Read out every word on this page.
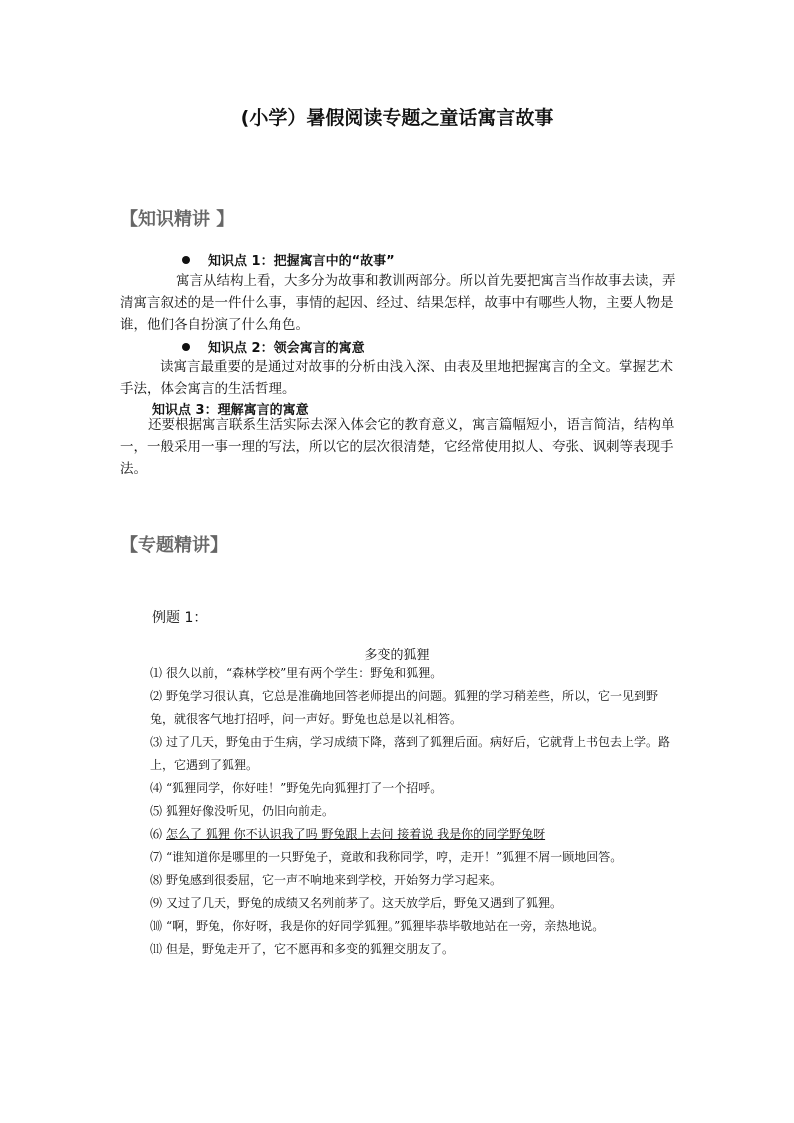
(小学）暑假阅读专题之童话寓言故事
【知识精讲 】
知识点 1：把握寓言中的“故事”
寓言从结构上看，大多分为故事和教训两部分。所以首先要把寓言当作故事去读，弄清寓言叙述的是一件什么事，事情的起因、经过、结果怎样，故事中有哪些人物，主要人物是谁，他们各自扮演了什么角色。
知识点 2：领会寓言的寓意
读寓言最重要的是通过对故事的分析由浅入深、由表及里地把握寓言的全文。掌握艺术手法，体会寓言的生活哲理。
知识点 3：理解寓言的寓意
还要根据寓言联系生活实际去深入体会它的教育意义，寓言篇幅短小，语言简洁，结构单一，一般采用一事一理的写法，所以它的层次很清楚，它经常使用拟人、夸张、讽刺等表现手法。
【专题精讲】
例题 1：
多变的狐狸

⑴ 很久以前，“森林学校”里有两个学生：野兔和狐狸。

⑵ 野兔学习很认真，它总是准确地回答老师提出的问题。狐狸的学习稍差些，所以，它一见到野兔，就很客气地打招呼，问一声好。野兔也总是以礼相答。

⑶ 过了几天，野兔由于生病，学习成绩下降，落到了狐狸后面。病好后，它就背上书包去上学。路上，它遇到了狐狸。

⑷ “狐狸同学，你好哇！”野兔先向狐狸打了一个招呼。

⑸ 狐狸好像没听见，仍旧向前走。

⑹ 怎么了 狐狸 你不认识我了吗 野兔跟上去问 接着说 我是你的同学野兔呀

⑺ “谁知道你是哪里的一只野兔子，竟敢和我称同学，哼，走开！”狐狸不屑一顾地回答。

⑻ 野兔感到很委屈，它一声不响地来到学校，开始努力学习起来。

⑼ 又过了几天，野兔的成绩又名列前茅了。这天放学后，野兔又遇到了狐狸。

⑽ “啊，野兔，你好呀，我是你的好同学狐狸。”狐狸毕恭毕敬地站在一旁，亲热地说。

⑾ 但是，野兔走开了，它不愿再和多变的狐狸交朋友了。
